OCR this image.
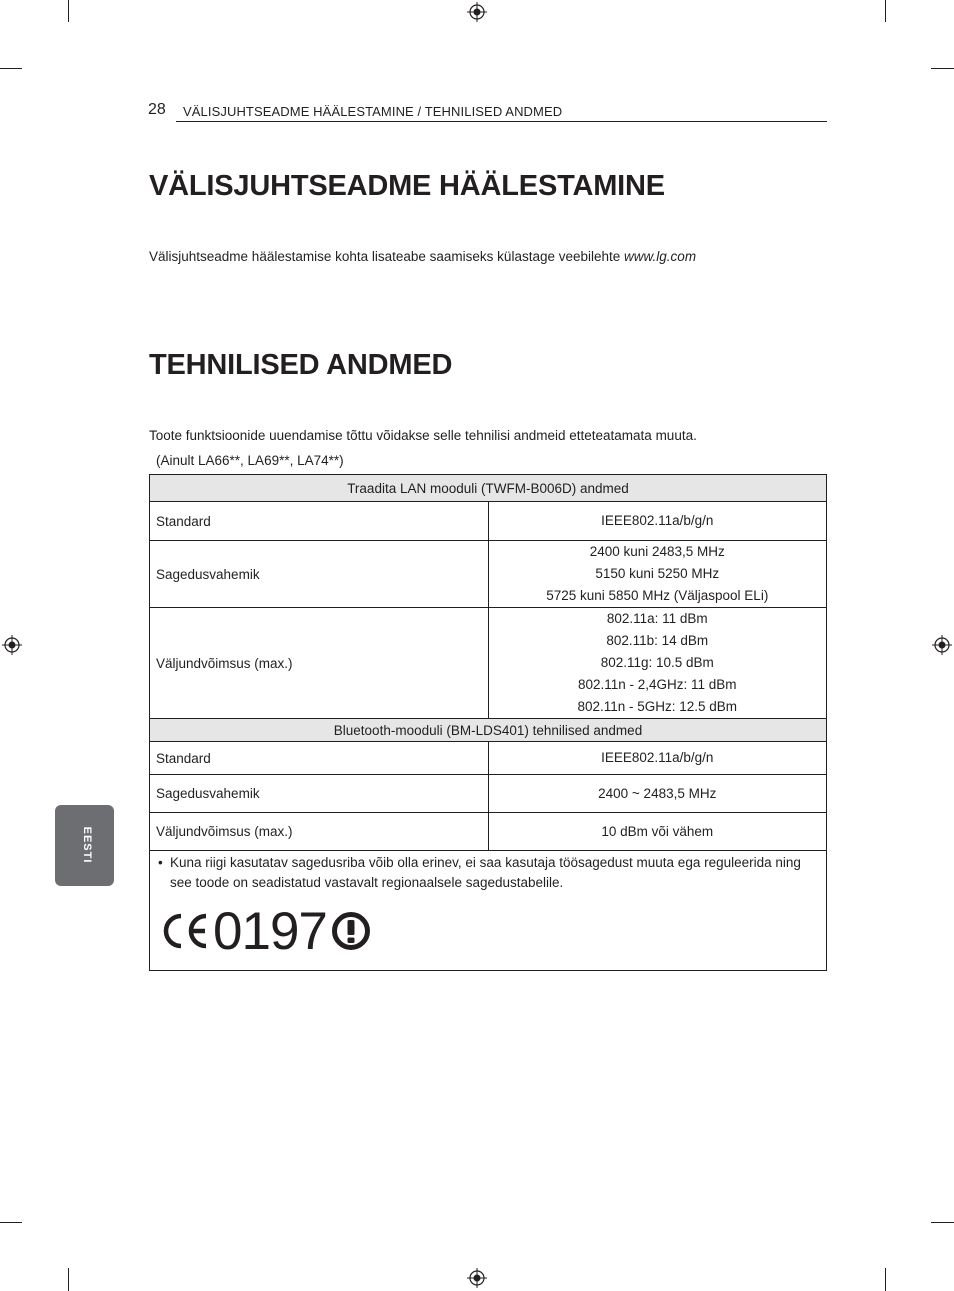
28 VÄLISJUHTSEADME HÄÄLESTAMINE / TEHNILISED ANDMED
EESTI
VÄLISJUHTSEADME HÄÄLESTAMINE
Välisjuhtseadme häälestamise kohta lisateabe saamiseks külastage veebilehte www.lg.com
TEHNILISED ANDMED
Toote funktsioonide uuendamise tõttu võidakse selle tehnilisi andmeid etteteatamata muuta.
(Ainult LA66**, LA69**, LA74**)
Traadita LAN mooduli (TWFM-B006D) andmed	
Standard	IEEE802.11a/b/g/n

Sagedusvahemik	2400 kuni 2483,5 MHz
5150 kuni 5250 MHz
5725 kuni 5850 MHz (Väljaspool ELi)

Väljundvõimsus (max.)	802.11a: 11 dBm
802.11b: 14 dBm
802.11g: 10.5 dBm
802.11n - 2,4GHz: 11 dBm
802.11n - 5GHz: 12.5 dBm

Bluetooth-mooduli (BM-LDS401) tehnilised andmed	
Standard	IEEE802.11a/b/g/n
Sagedusvahemik	2400 ~ 2483,5 MHz
Väljundvõimsus (max.)	10 dBm või vähem

• Kuna riigi kasutatav sagedusriba võib olla erinev, ei saa kasutaja töösagedust muuta ega reguleerida ning see toode on seadistatud vastavalt regionaalsele sagedustabelile.
0197	
